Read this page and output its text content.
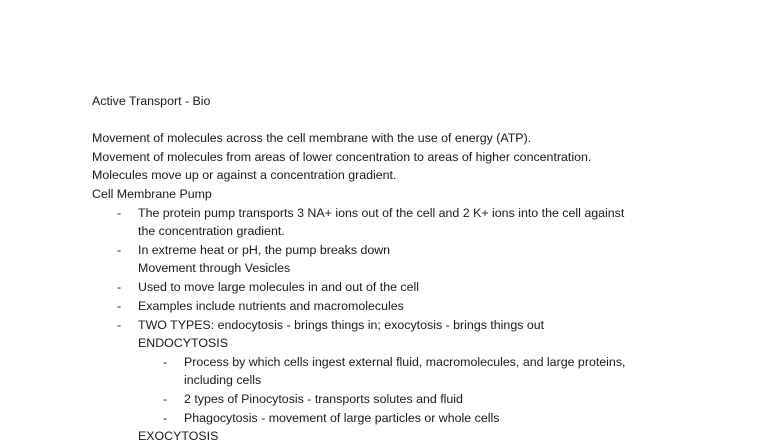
Active Transport - Bio
Movement of molecules across the cell membrane with the use of energy (ATP).
Movement of molecules from areas of lower concentration to areas of higher concentration.
Molecules move up or against a concentration gradient.
Cell Membrane Pump
- The protein pump transports 3 NA+ ions out of the cell and 2 K+ ions into the cell against
the concentration gradient.
- In extreme heat or pH, the pump breaks down
Movement through Vesicles
- Used to move large molecules in and out of the cell
- Examples include nutrients and macromolecules
- TWO TYPES: endocytosis - brings things in; exocytosis - brings things out
ENDOCYTOSIS
- Process by which cells ingest external fluid, macromolecules, and large proteins,
including cells
- 2 types of Pinocytosis - transports solutes and fluid
- Phagocytosis - movement of large particles or whole cells
EXOCYTOSIS
